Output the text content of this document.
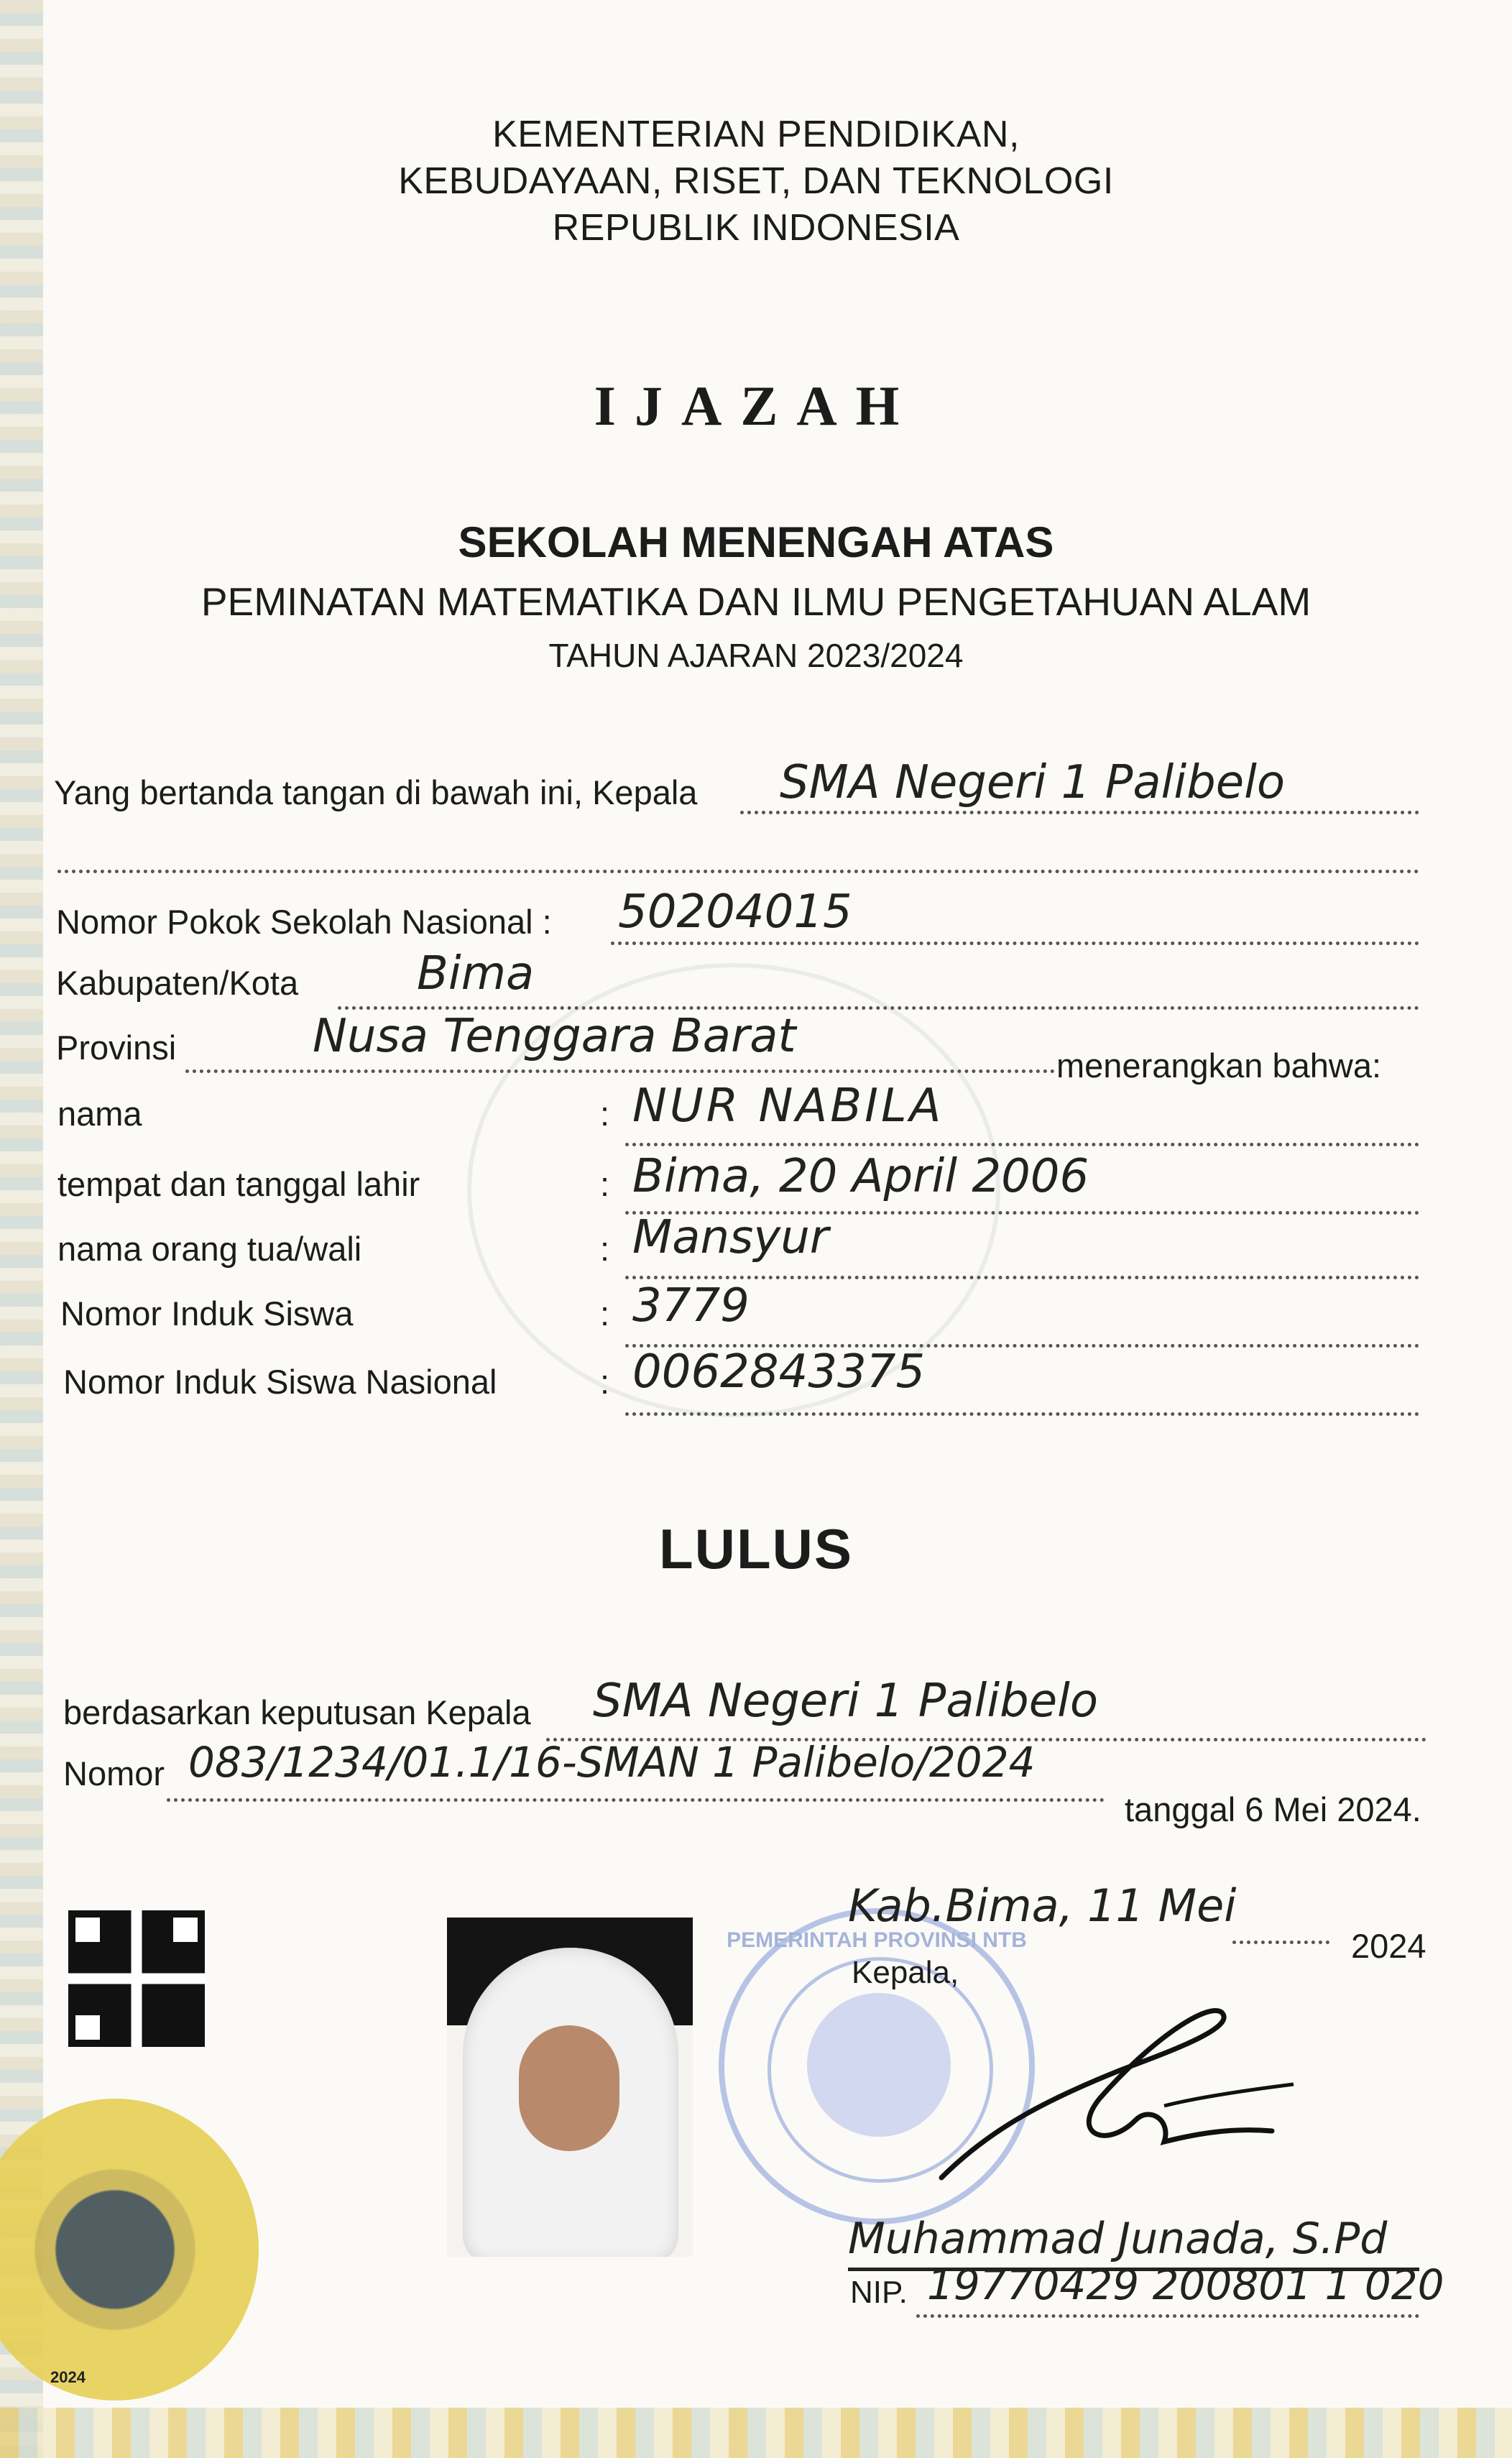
KEMENTERIAN PENDIDIKAN,
KEBUDAYAAN, RISET, DAN TEKNOLOGI
REPUBLIK INDONESIA
IJAZAH
SEKOLAH MENENGAH ATAS
PEMINATAN MATEMATIKA DAN ILMU PENGETAHUAN ALAM
TAHUN AJARAN 2023/2024
Yang bertanda tangan di bawah ini, Kepala SMA Negeri 1 Palibelo
Nomor Pokok Sekolah Nasional : 50204015
Kabupaten/Kota	Bima
Provinsi	Nusa Tenggara Barat
menerangkan bahwa:
nama	: NUR NABILA
tempat dan tanggal lahir	: Bima, 20 April 2006
nama orang tua/wali	: Mansyur
Nomor Induk Siswa	: 3779
Nomor Induk Siswa Nasional	: 0062843375
LULUS
berdasarkan keputusan Kepala SMA Negeri 1 Palibelo
Nomor 083/1234/01.1/16-SMAN 1 Palibelo/2024
tanggal 6 Mei 2024.
PEMERINTAH PROVINSI NTB
Kab.Bima, 11 Mei
2024
Kepala,
Muhammad Junada, S.Pd
NIP. 19770429 200801 1 020
2024
